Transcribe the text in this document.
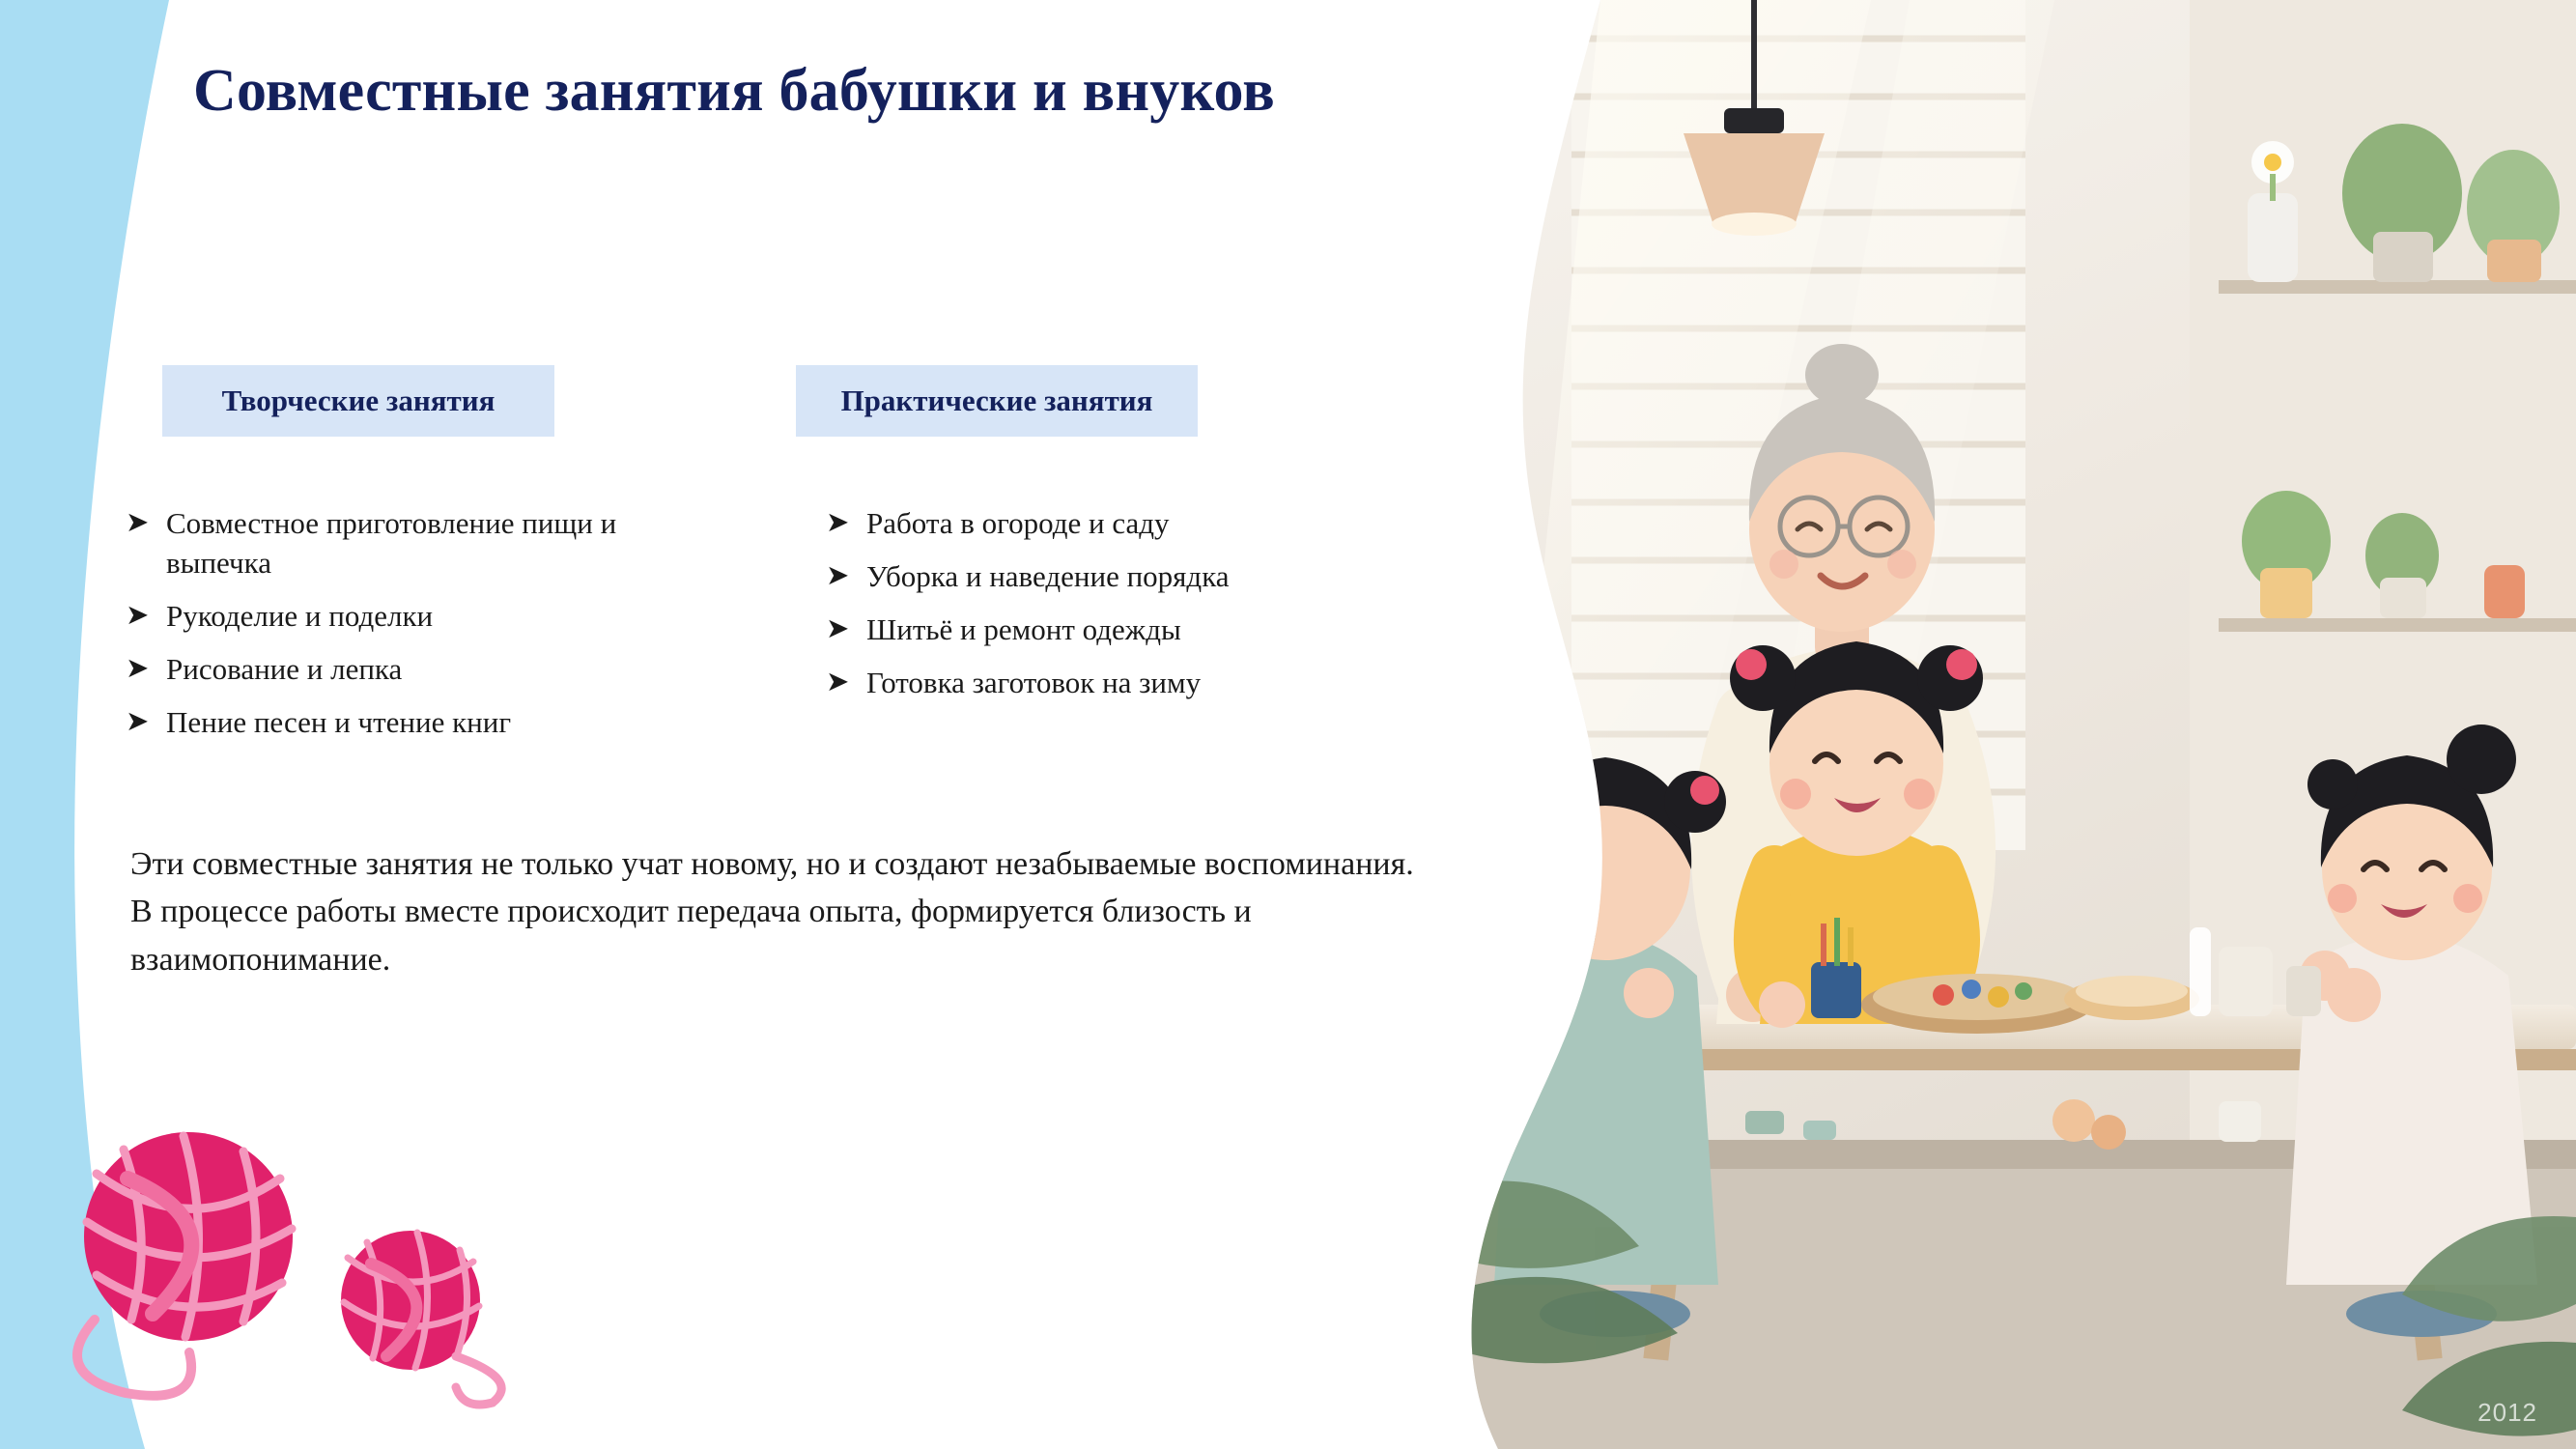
Совместные занятия бабушки и внуков
Творческие занятия	Практические занятия
➤ Совместное приготовление пищи и выпечка
➤ Рукоделие и поделки
➤ Рисование и лепка
➤ Пение песен и чтение книг
➤ Работа в огороде и саду
➤ Уборка и наведение порядка
➤ Шитьё и ремонт одежды
➤ Готовка заготовок на зиму
Эти совместные занятия не только учат новому, но и создают незабываемые воспоминания. В процессе работы вместе происходит передача опыта, формируется близость и взаимопонимание.
2012
